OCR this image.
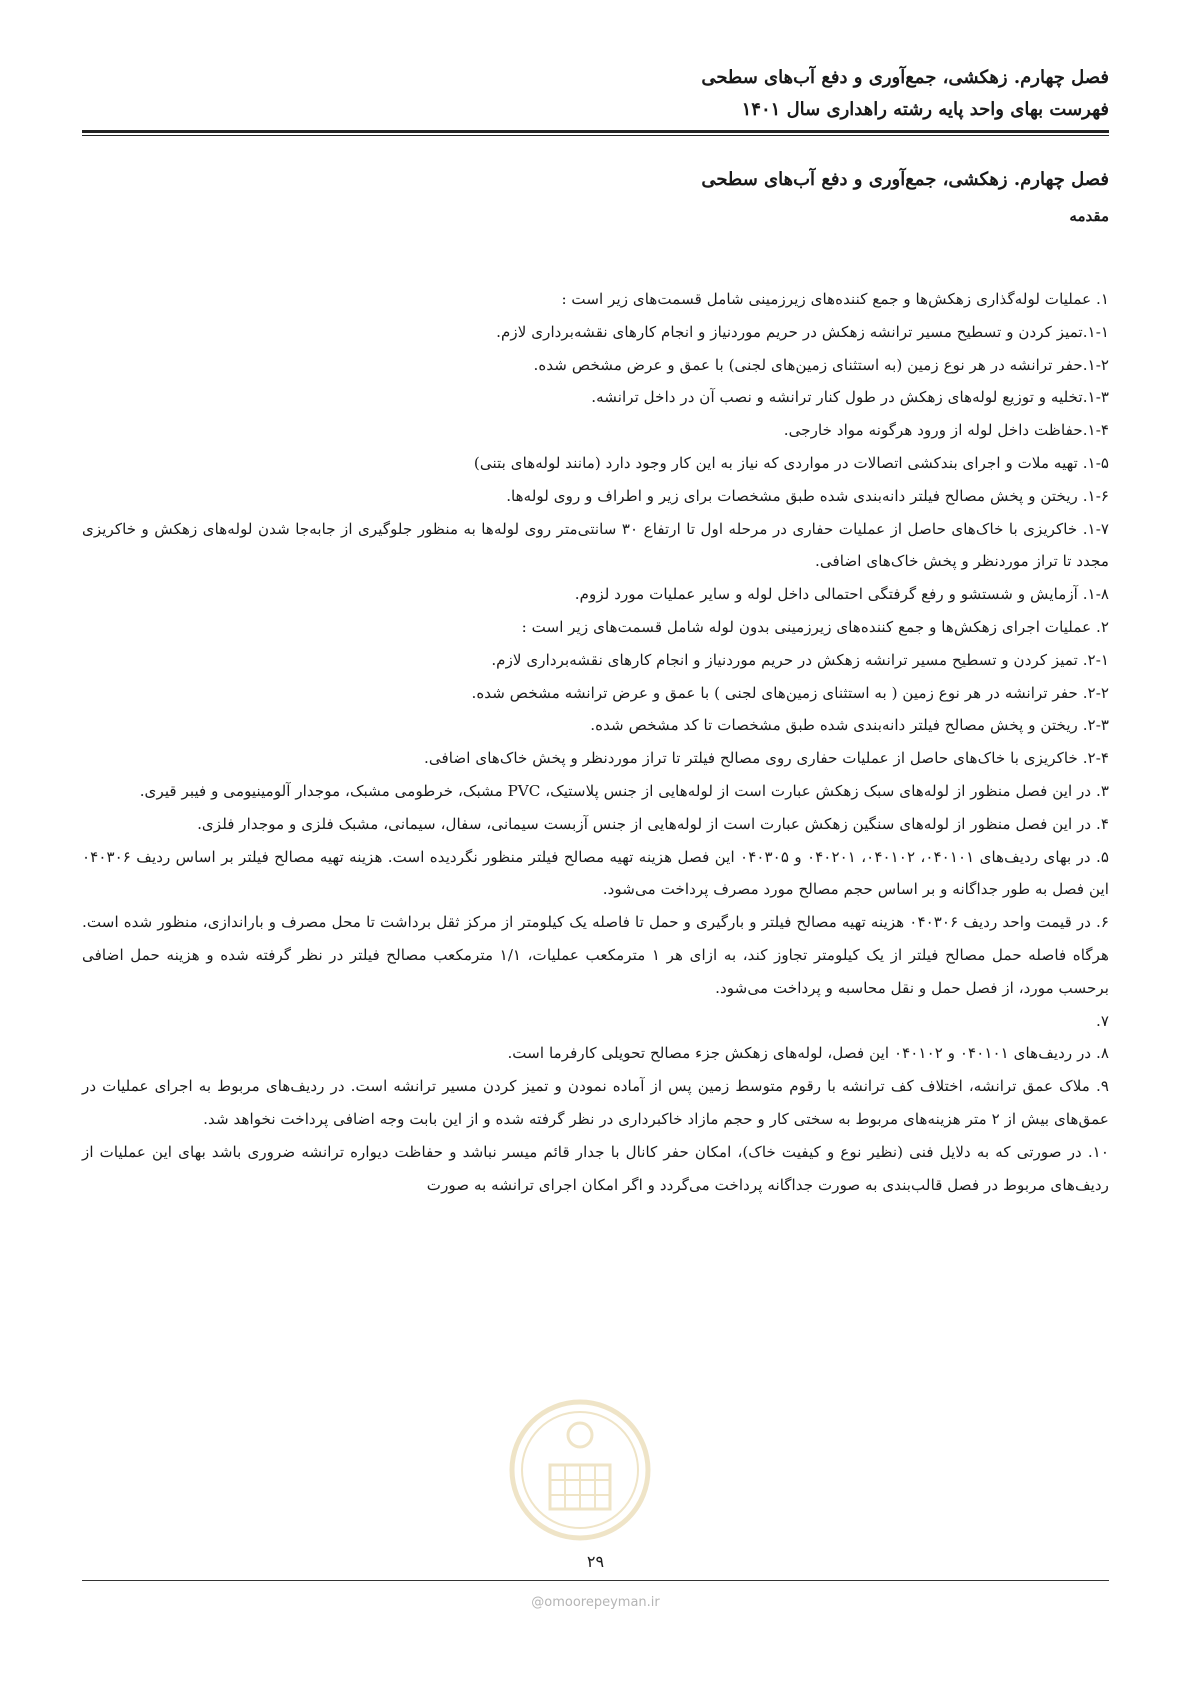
فصل چهارم. زهکشی، جمع‌آوری و دفع آب‌های سطحی
فهرست بهای واحد پایه رشته راهداری سال ۱۴۰۱
فصل چهارم. زهکشی، جمع‌آوری و دفع آب‌های سطحی
مقدمه

۱. عملیات لوله‌گذاری زهکش‌ها و جمع کننده‌های زیرزمینی شامل قسمت‌های زیر است :

۱-۱.تمیز کردن و تسطیح مسیر ترانشه زهکش در حریم موردنیاز و انجام کارهای نقشه‌برداری لازم.

۱-۲.حفر ترانشه در هر نوع زمین (به استثنای زمین‌های لجنی) با عمق و عرض مشخص شده.

۱-۳.تخلیه و توزیع لوله‌های زهکش در طول کنار ترانشه و نصب آن در داخل ترانشه.

۱-۴.حفاظت داخل لوله از ورود هرگونه مواد خارجی.

۱-۵. تهیه ملات و اجرای بندکشی اتصالات در مواردی که نیاز به این کار وجود دارد (مانند لوله‌های بتنی)

۱-۶. ریختن و پخش مصالح فیلتر دانه‌بندی شده طبق مشخصات برای زیر و اطراف و روی لوله‌ها.

۱-۷. خاکریزی با خاک‌های حاصل از عملیات حفاری در مرحله اول تا ارتفاع ۳۰ سانتی‌متر روی لوله‌ها به منظور جلوگیری از جابه‌جا شدن لوله‌های زهکش و خاکریزی مجدد تا تراز موردنظر و پخش خاک‌های اضافی.

۱-۸. آزمایش و شستشو و رفع گرفتگی احتمالی داخل لوله و سایر عملیات مورد لزوم.

۲. عملیات اجرای زهکش‌ها و جمع کننده‌های زیرزمینی بدون لوله شامل قسمت‌های زیر است :

۲-۱. تمیز کردن و تسطیح مسیر ترانشه زهکش در حریم موردنیاز و انجام کارهای نقشه‌برداری لازم.

۲-۲. حفر ترانشه در هر نوع زمین ( به استثنای زمین‌های لجنی ) با عمق و عرض ترانشه مشخص شده.

۲-۳. ریختن و پخش مصالح فیلتر دانه‌بندی شده طبق مشخصات تا کد مشخص شده.

۲-۴. خاکریزی با خاک‌های حاصل از عملیات حفاری روی مصالح فیلتر تا تراز موردنظر و پخش خاک‌های اضافی.

۳. در این فصل منظور از لوله‌های سبک زهکش عبارت است از لوله‌هایی از جنس پلاستیک، PVC مشبک، خرطومی مشبک، موجدار آلومینیومی و فیبر قیری.

۴. در این فصل منظور از لوله‌های سنگین زهکش عبارت است از لوله‌هایی از جنس آزبست سیمانی، سفال، سیمانی، مشبک فلزی و موجدار فلزی.

۵. در بهای ردیف‌های ۰۴۰۱۰۱، ۰۴۰۱۰۲، ۰۴۰۲۰۱ و ۰۴۰۳۰۵ این فصل هزینه تهیه مصالح فیلتر منظور نگردیده است. هزینه تهیه مصالح فیلتر بر اساس ردیف ۰۴۰۳۰۶ این فصل به طور جداگانه و بر اساس حجم مصالح مورد مصرف پرداخت می‌شود.

۶. در قیمت واحد ردیف ۰۴۰۳۰۶ هزینه تهیه مصالح فیلتر و بارگیری و حمل تا فاصله یک کیلومتر از مرکز ثقل برداشت تا محل مصرف و باراندازی، منظور شده است. هرگاه فاصله حمل مصالح فیلتر از یک کیلومتر تجاوز کند، به ازای هر ۱ مترمکعب عملیات، ۱/۱ مترمکعب مصالح فیلتر در نظر گرفته شده و هزینه حمل اضافی برحسب مورد، از فصل حمل و نقل محاسبه و پرداخت می‌شود.

۷.

۸. در ردیف‌های ۰۴۰۱۰۱ و ۰۴۰۱۰۲ این فصل، لوله‌های زهکش جزء مصالح تحویلی کارفرما است.

۹. ملاک عمق ترانشه، اختلاف کف ترانشه با رقوم متوسط زمین پس از آماده نمودن و تمیز کردن مسیر ترانشه است. در ردیف‌های مربوط به اجرای عملیات در عمق‌های بیش از ۲ متر هزینه‌های مربوط به سختی کار و حجم مازاد خاکبرداری در نظر گرفته شده و از این بابت وجه اضافی پرداخت نخواهد شد.

۱۰. در صورتی که به دلایل فنی (نظیر نوع و کیفیت خاک)، امکان حفر کانال با جدار قائم میسر نباشد و حفاظت دیواره ترانشه ضروری باشد بهای این عملیات از ردیف‌های مربوط در فصل قالب‌بندی به صورت جداگانه پرداخت می‌گردد و اگر امکان اجرای ترانشه به صورت

۲۹
@omoorepeyman.ir
